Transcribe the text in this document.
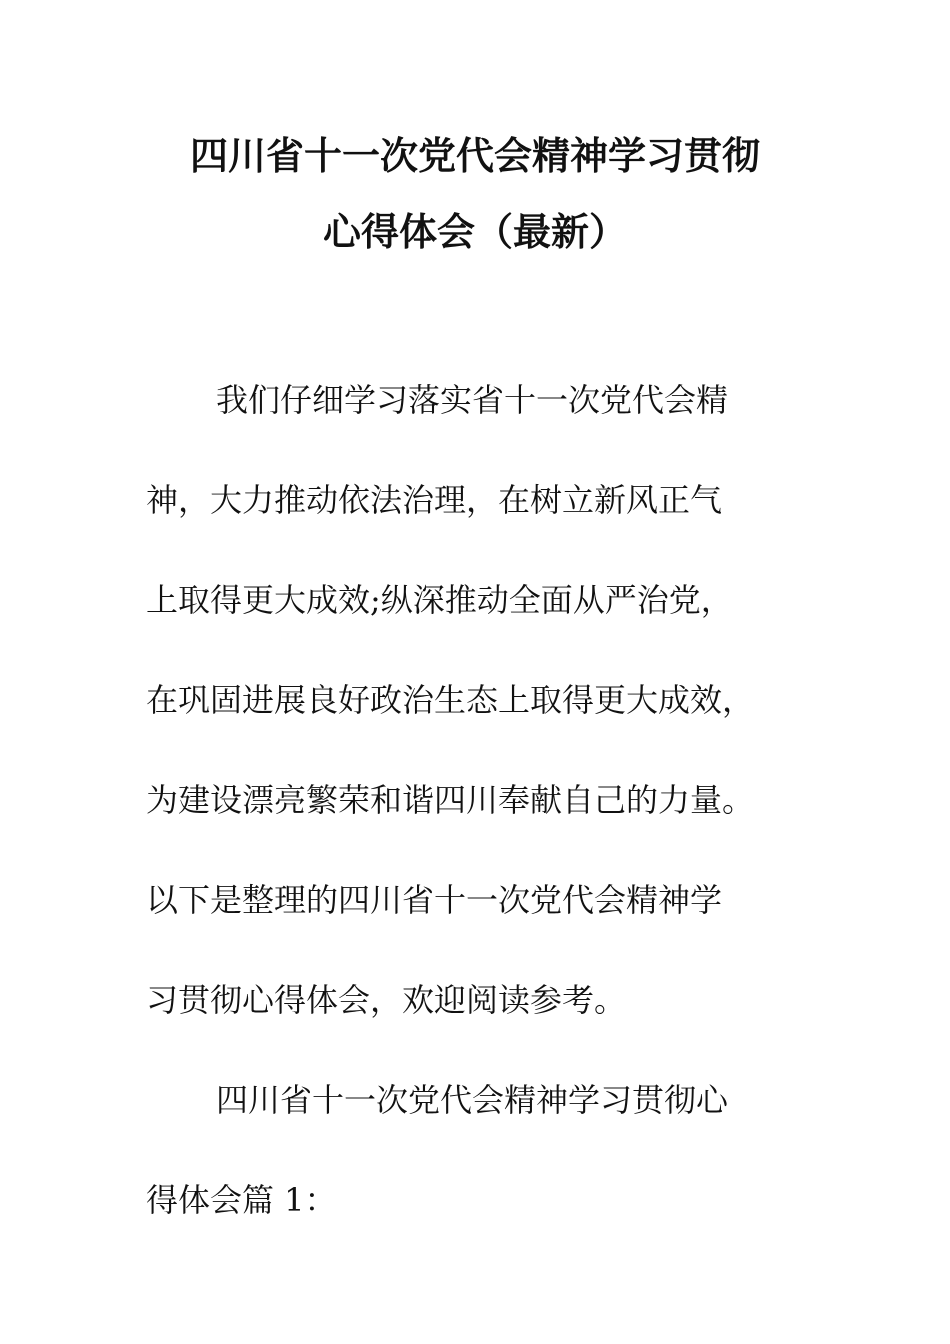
四川省十一次党代会精神学习贯彻
心得体会（最新）
我们仔细学习落实省十一次党代会精
神，大力推动依法治理，在树立新风正气
上取得更大成效;纵深推动全面从严治党，
在巩固进展良好政治生态上取得更大成效，
为建设漂亮繁荣和谐四川奉献自己的力量。
以下是整理的四川省十一次党代会精神学
习贯彻心得体会，欢迎阅读参考。
四川省十一次党代会精神学习贯彻心
得体会篇 1：
